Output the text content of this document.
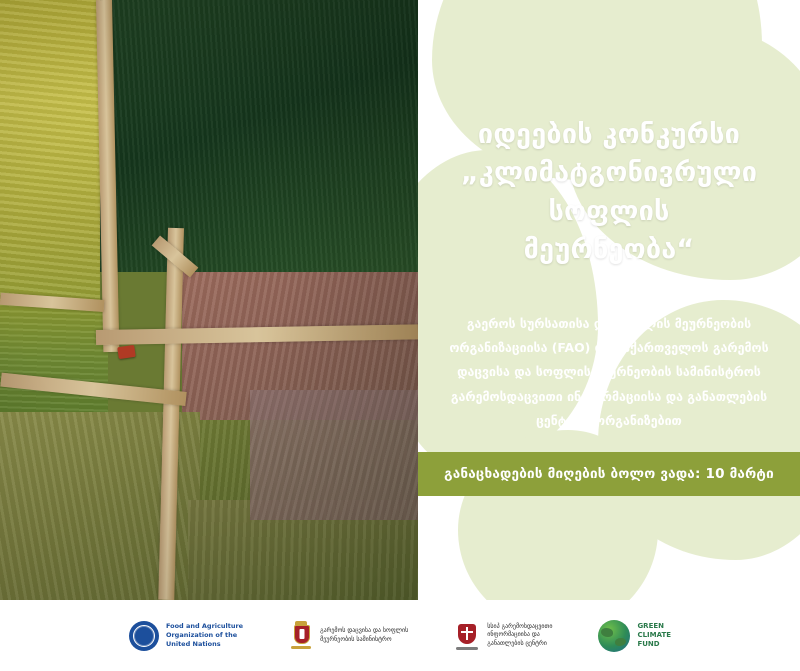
იდეების კონკურსი
„კლიმატგონივრული
სოფლის
მეურნეობა“
გაეროს სურსათისა და სოფლის მეურნეობის
ორგანიზაციისა (FAO) და საქართველოს გარემოს
დაცვისა და სოფლის მეურნეობის სამინისტროს
გარემოსდაცვითი ინფორმაციისა და განათლების
ცენტრის ორგანიზებით
განაცხადების მიღების ბოლო ვადა: 10 მარტი
Food and Agriculture
Organization of the
United Nations
გარემოს დაცვისა და სოფლის
მეურნეობის სამინისტრო
სსიპ გარემოსდაცვითი
ინფორმაციისა და
განათლების ცენტრი
GREEN
CLIMATE
FUND
